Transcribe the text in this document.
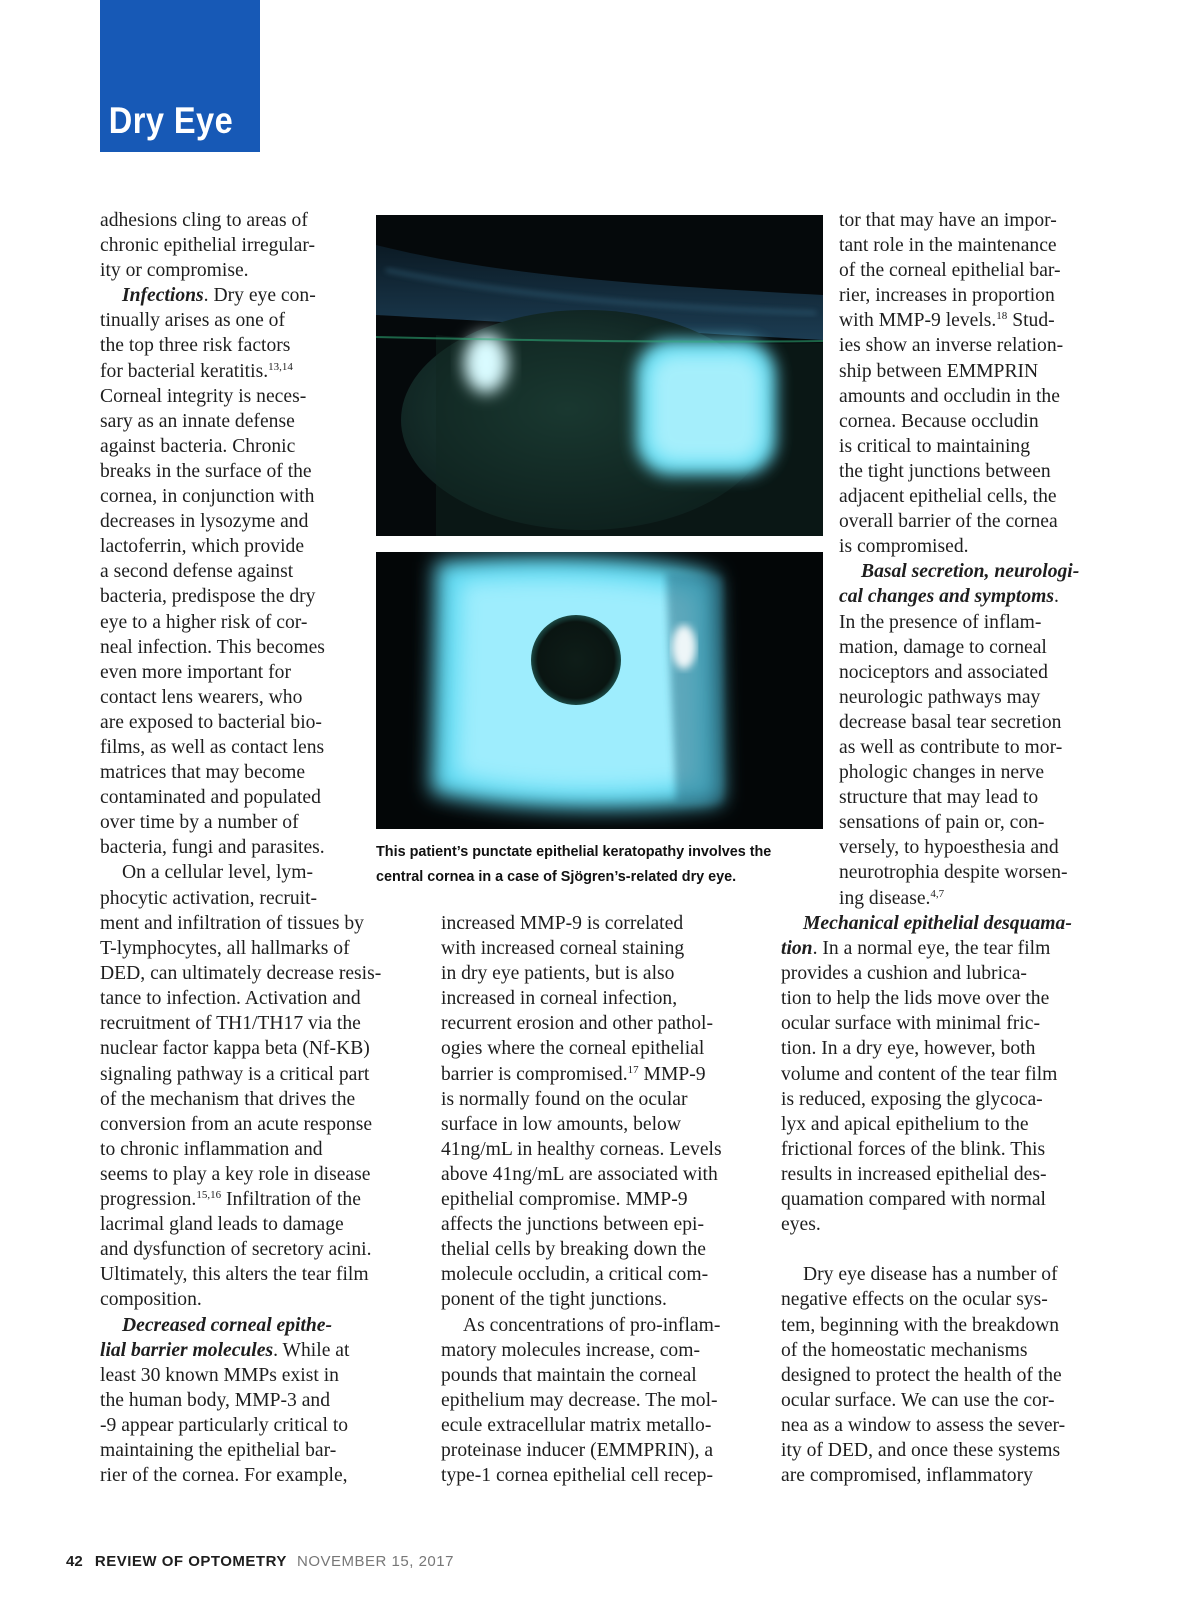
Dry Eye
adhesions cling to areas of
chronic epithelial irregular-
ity or compromise.
Infections. Dry eye con-
tinually arises as one of
the top three risk factors
for bacterial keratitis.$^{13,14}$
Corneal integrity is neces-
sary as an innate defense
against bacteria. Chronic
breaks in the surface of the
cornea, in conjunction with
decreases in lysozyme and
lactoferrin, which provide
a second defense against
bacteria, predispose the dry
eye to a higher risk of cor-
neal infection. This becomes
even more important for
contact lens wearers, who
are exposed to bacterial bio-
films, as well as contact lens
matrices that may become
contaminated and populated
over time by a number of
bacteria, fungi and parasites.
On a cellular level, lym-
phocytic activation, recruit-
ment and infiltration of tissues by
T-lymphocytes, all hallmarks of
DED, can ultimately decrease resis-
tance to infection. Activation and
recruitment of TH1/TH17 via the
nuclear factor kappa beta (Nf-KB)
signaling pathway is a critical part
of the mechanism that drives the
conversion from an acute response
to chronic inflammation and
seems to play a key role in disease
progression.$^{15,16}$ Infiltration of the
lacrimal gland leads to damage
and dysfunction of secretory acini.
Ultimately, this alters the tear film
composition.
Decreased corneal epithe-
lial barrier molecules. While at
least 30 known MMPs exist in
the human body, MMP-3 and
-9 appear particularly critical to
maintaining the epithelial bar-
rier of the cornea. For example,
increased MMP-9 is correlated
with increased corneal staining
in dry eye patients, but is also
increased in corneal infection,
recurrent erosion and other pathol-
ogies where the corneal epithelial
barrier is compromised.$^{17}$ MMP-9
is normally found on the ocular
surface in low amounts, below
41ng/mL in healthy corneas. Levels
above 41ng/mL are associated with
epithelial compromise. MMP-9
affects the junctions between epi-
thelial cells by breaking down the
molecule occludin, a critical com-
ponent of the tight junctions.
As concentrations of pro-inflam-
matory molecules increase, com-
pounds that maintain the corneal
epithelium may decrease. The mol-
ecule extracellular matrix metallo-
proteinase inducer (EMMPRIN), a
type-1 cornea epithelial cell recep-
tor that may have an impor-
tant role in the maintenance
of the corneal epithelial bar-
rier, increases in proportion
with MMP-9 levels.$^{18}$ Stud-
ies show an inverse relation-
ship between EMMPRIN
amounts and occludin in the
cornea. Because occludin
is critical to maintaining
the tight junctions between
adjacent epithelial cells, the
overall barrier of the cornea
is compromised.
Basal secretion, neurologi-
cal changes and symptoms.
In the presence of inflam-
mation, damage to corneal
nociceptors and associated
neurologic pathways may
decrease basal tear secretion
as well as contribute to mor-
phologic changes in nerve
structure that may lead to
sensations of pain or, con-
versely, to hypoesthesia and
neurotrophia despite worsen-
ing disease.$^{4,7}$
Mechanical epithelial desquama-
tion. In a normal eye, the tear film
provides a cushion and lubrica-
tion to help the lids move over the
ocular surface with minimal fric-
tion. In a dry eye, however, both
volume and content of the tear film
is reduced, exposing the glycoca-
lyx and apical epithelium to the
frictional forces of the blink. This
results in increased epithelial des-
quamation compared with normal
eyes.

Dry eye disease has a number of
negative effects on the ocular sys-
tem, beginning with the breakdown
of the homeostatic mechanisms
designed to protect the health of the
ocular surface. We can use the cor-
nea as a window to assess the sever-
ity of DED, and once these systems
are compromised, inflammatory
This patient’s punctate epithelial keratopathy involves the
central cornea in a case of Sjögren’s-related dry eye.
42 REVIEW OF OPTOMETRY NOVEMBER 15, 2017
